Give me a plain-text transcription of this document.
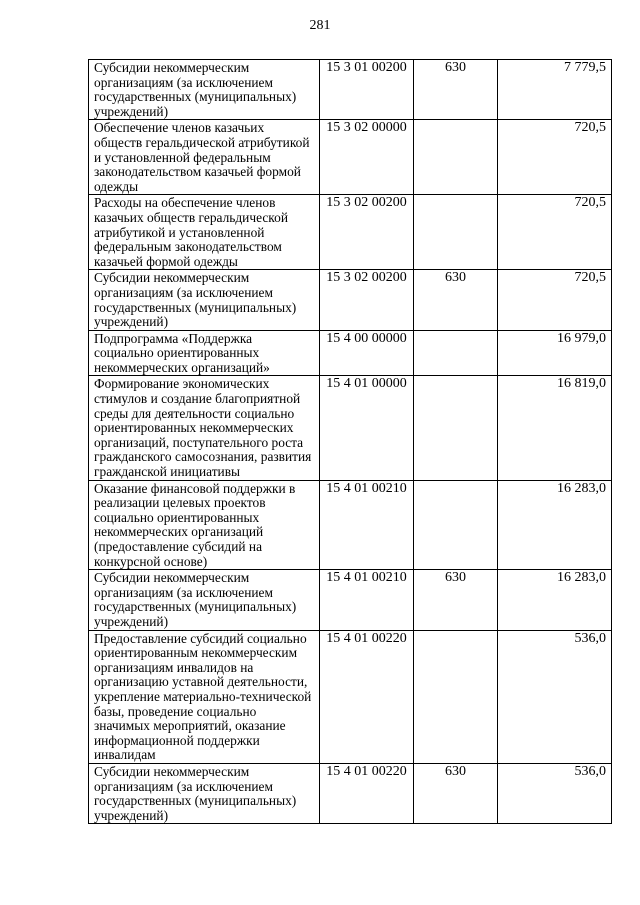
281
Субсидии некоммерческим организациям (за исключением государственных (муниципальных) учреждений)	15 3 01 00200	630	7 779,5
Обеспечение членов казачьих обществ геральдической атрибутикой и установленной федеральным законодательством казачьей формой одежды	15 3 02 00000		720,5
Расходы на обеспечение членов казачьих обществ геральдической атрибутикой и установленной федеральным законодательством казачьей формой одежды	15 3 02 00200		720,5
Субсидии некоммерческим организациям (за исключением государственных (муниципальных) учреждений)	15 3 02 00200	630	720,5
Подпрограмма «Поддержка социально ориентированных некоммерческих организаций»	15 4 00 00000		16 979,0
Формирование экономических стимулов и создание благоприятной среды для деятельности социально ориентированных некоммерческих организаций, поступательного роста гражданского самосознания, развития гражданской инициативы	15 4 01 00000		16 819,0
Оказание финансовой поддержки в реализации целевых проектов социально ориентированных некоммерческих организаций (предоставление субсидий на конкурсной основе)	15 4 01 00210		16 283,0
Субсидии некоммерческим организациям (за исключением государственных (муниципальных) учреждений)	15 4 01 00210	630	16 283,0
Предоставление субсидий социально ориентированным некоммерческим организациям инвалидов на организацию уставной деятельности, укрепление материально-технической базы, проведение социально значимых мероприятий, оказание информационной поддержки инвалидам	15 4 01 00220		536,0
Субсидии некоммерческим организациям (за исключением государственных (муниципальных) учреждений)	15 4 01 00220	630	536,0
